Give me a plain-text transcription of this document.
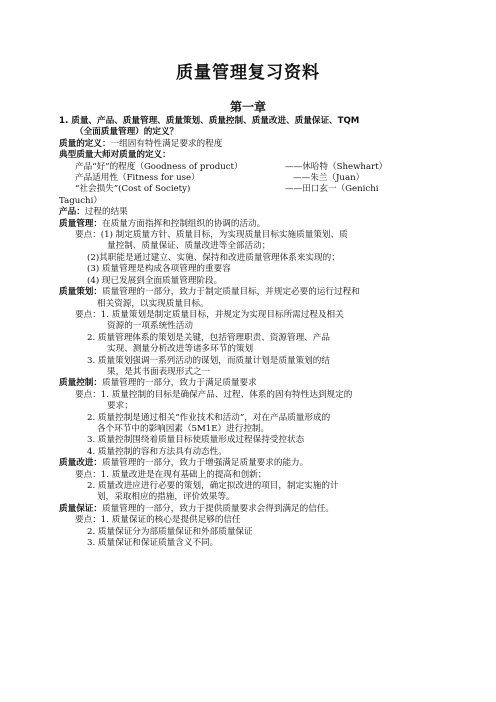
质量管理复习资料
第一章
1. 质量、产品、质量管理、质量策划、质量控制、质量改进、质量保证、TQM
（全面质量管理）的定义？
质量的定义：一组固有特性满足要求的程度
典型质量大师对质量的定义：
产品“好”的程度（Goodness of product）	——休哈特（Shewhart）
产品适用性（Fitness for use）	——朱兰（Juan）
“社会损失”(Cost of Society)	——田口玄一（Genichi
Taguchi）
产品：过程的结果
质量管理：在质量方面指挥和控制组织的协调的活动。
要点：(1) 制定质量方针、质量目标，为实现质量目标实施质量策划、质
量控制、质量保证、质量改进等全部活动；
(2)其职能是通过建立、实施、保持和改进质量管理体系来实现的；
(3) 质量管理是构成各项管理的重要容
(4) 现已发展到全面质量管理阶段。
质量策划：质量管理的一部分，致力于制定质量目标，并规定必要的运行过程和
相关资源，以实现质量目标。
要点：1. 质量策划是制定质量目标，并规定为实现目标所需过程及相关
资源的一项系统性活动
2. 质量管理体系的策划是关键，包括管理职责、资源管理、产品
实现、测量分析改进等诸多环节的策划
3. 质量策划强调一系列活动的谋划，而质量计划是质量策划的结
果，是其书面表现形式之一
质量控制：质量管理的一部分，致力于满足质量要求
要点：1. 质量控制的目标是确保产品、过程、体系的固有特性达到规定的
要求；
2. 质量控制是通过相关“作业技术和活动”，对在产品质量形成的
各个环节中的影响因素（5M1E）进行控制。
3. 质量控制围绕着质量目标使质量形成过程保持受控状态
4. 质量控制的容和方法具有动态性。
质量改进：质量管理的一部分，致力于增强满足质量要求的能力。
要点：1. 质量改进是在现有基础上的提高和创新；
2. 质量改进应进行必要的策划，确定拟改进的项目，制定实施的计
划，采取相应的措施，评价效果等。
质量保证：质量管理的一部分，致力于提供质量要求会得到满足的信任。
要点：1. 质量保证的核心是提供足够的信任
2. 质量保证分为部质量保证和外部质量保证
3. 质量保证和保证质量含义不同。
